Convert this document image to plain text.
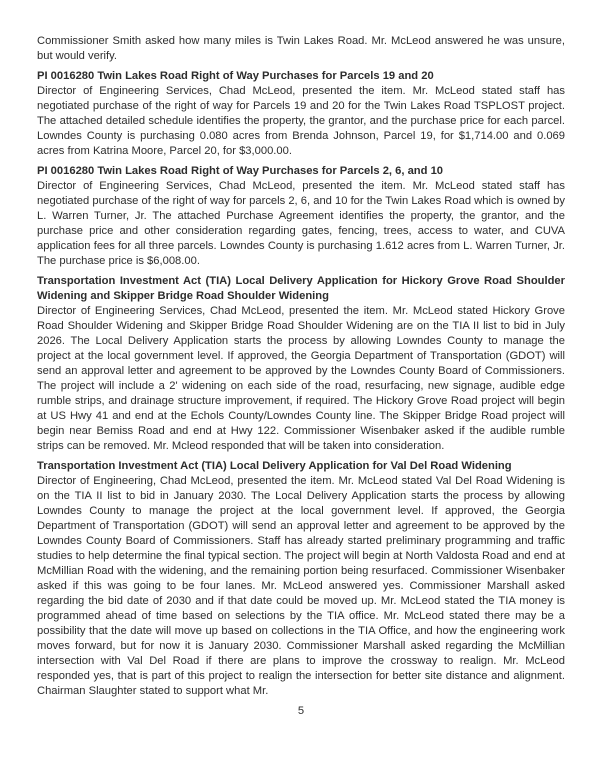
Commissioner Smith asked how many miles is Twin Lakes Road. Mr. McLeod answered he was unsure, but would verify.

PI 0016280 Twin Lakes Road Right of Way Purchases for Parcels 19 and 20

Director of Engineering Services, Chad McLeod, presented the item. Mr. McLeod stated staff has negotiated purchase of the right of way for Parcels 19 and 20 for the Twin Lakes Road TSPLOST project. The attached detailed schedule identifies the property, the grantor, and the purchase price for each parcel. Lowndes County is purchasing 0.080 acres from Brenda Johnson, Parcel 19, for $1,714.00 and 0.069 acres from Katrina Moore, Parcel 20, for $3,000.00.

PI 0016280 Twin Lakes Road Right of Way Purchases for Parcels 2, 6, and 10

Director of Engineering Services, Chad McLeod, presented the item. Mr. McLeod stated staff has negotiated purchase of the right of way for parcels 2, 6, and 10 for the Twin Lakes Road which is owned by L. Warren Turner, Jr. The attached Purchase Agreement identifies the property, the grantor, and the purchase price and other consideration regarding gates, fencing, trees, access to water, and CUVA application fees for all three parcels. Lowndes County is purchasing 1.612 acres from L. Warren Turner, Jr. The purchase price is $6,008.00.

Transportation Investment Act (TIA) Local Delivery Application for Hickory Grove Road Shoulder Widening and Skipper Bridge Road Shoulder Widening

Director of Engineering Services, Chad McLeod, presented the item. Mr. McLeod stated Hickory Grove Road Shoulder Widening and Skipper Bridge Road Shoulder Widening are on the TIA II list to bid in July 2026. The Local Delivery Application starts the process by allowing Lowndes County to manage the project at the local government level. If approved, the Georgia Department of Transportation (GDOT) will send an approval letter and agreement to be approved by the Lowndes County Board of Commissioners. The project will include a 2' widening on each side of the road, resurfacing, new signage, audible edge rumble strips, and drainage structure improvement, if required. The Hickory Grove Road project will begin at US Hwy 41 and end at the Echols County/Lowndes County line. The Skipper Bridge Road project will begin near Bemiss Road and end at Hwy 122. Commissioner Wisenbaker asked if the audible rumble strips can be removed. Mr. Mcleod responded that will be taken into consideration.

Transportation Investment Act (TIA) Local Delivery Application for Val Del Road Widening

Director of Engineering, Chad McLeod, presented the item. Mr. McLeod stated Val Del Road Widening is on the TIA II list to bid in January 2030. The Local Delivery Application starts the process by allowing Lowndes County to manage the project at the local government level. If approved, the Georgia Department of Transportation (GDOT) will send an approval letter and agreement to be approved by the Lowndes County Board of Commissioners. Staff has already started preliminary programming and traffic studies to help determine the final typical section. The project will begin at North Valdosta Road and end at McMillian Road with the widening, and the remaining portion being resurfaced. Commissioner Wisenbaker asked if this was going to be four lanes. Mr. McLeod answered yes. Commissioner Marshall asked regarding the bid date of 2030 and if that date could be moved up. Mr. McLeod stated the TIA money is programmed ahead of time based on selections by the TIA office. Mr. McLeod stated there may be a possibility that the date will move up based on collections in the TIA Office, and how the engineering work moves forward, but for now it is January 2030. Commissioner Marshall asked regarding the McMillian intersection with Val Del Road if there are plans to improve the crossway to realign. Mr. McLeod responded yes, that is part of this project to realign the intersection for better site distance and alignment. Chairman Slaughter stated to support what Mr.

5
